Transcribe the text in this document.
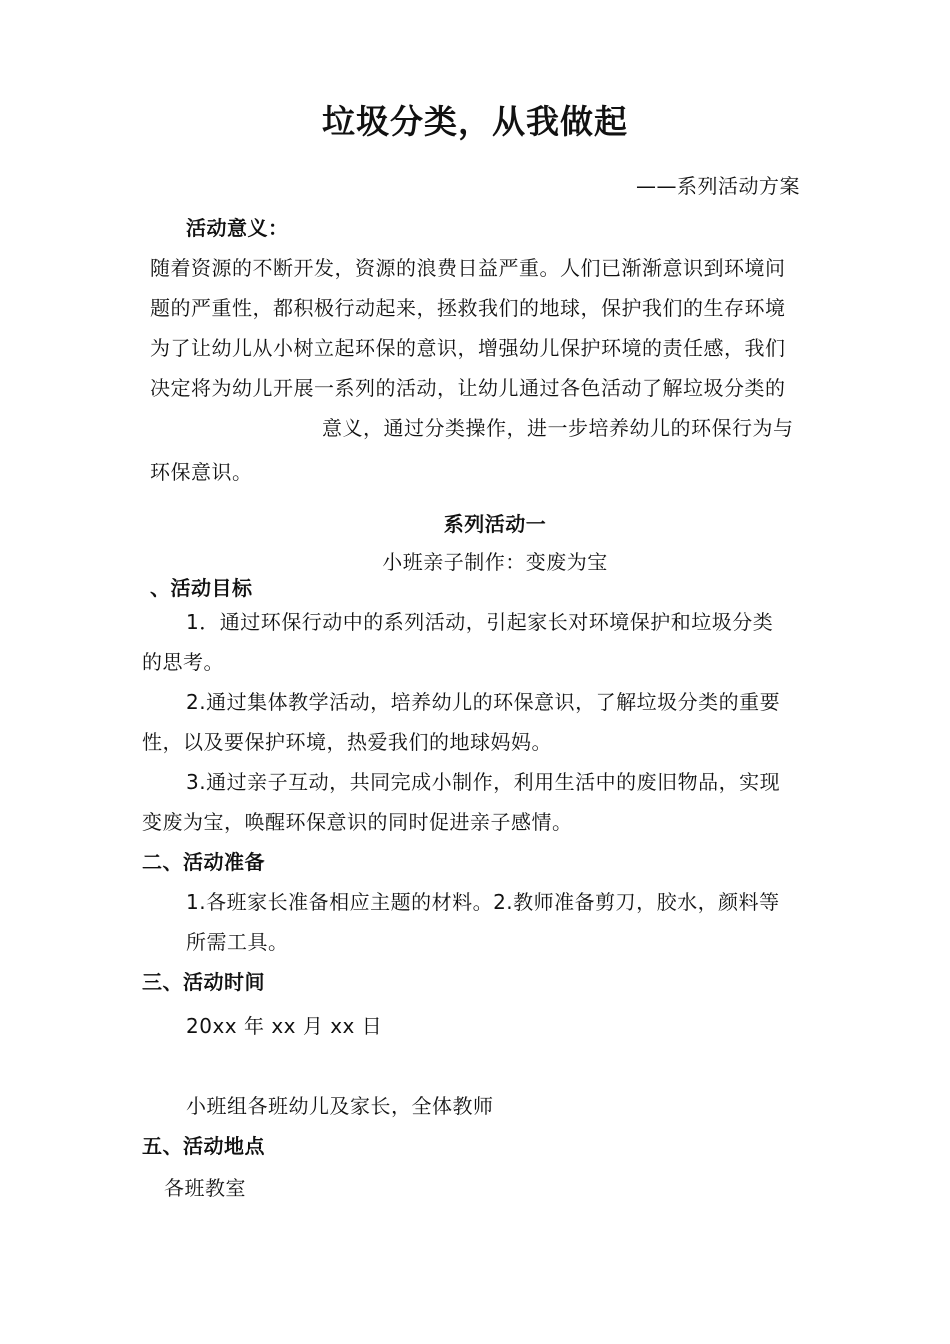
垃圾分类，从我做起
——系列活动方案
活动意义：
随着资源的不断开发，资源的浪费日益严重。人们已渐渐意识到环境问
题的严重性，都积极行动起来，拯救我们的地球，保护我们的生存环境
为了让幼儿从小树立起环保的意识，增强幼儿保护环境的责任感，我们
决定将为幼儿开展一系列的活动，让幼儿通过各色活动了解垃圾分类的
意义，通过分类操作，进一步培养幼儿的环保行为与
环保意识。
系列活动一
小班亲子制作：变废为宝
、活动目标
1．通过环保行动中的系列活动，引起家长对环境保护和垃圾分类
的思考。
2.通过集体教学活动，培养幼儿的环保意识，了解垃圾分类的重要
性，以及要保护环境，热爱我们的地球妈妈。
3.通过亲子互动，共同完成小制作，利用生活中的废旧物品，实现
变废为宝，唤醒环保意识的同时促进亲子感情。
二、活动准备
1.各班家长准备相应主题的材料。2.教师准备剪刀，胶水，颜料等
所需工具。
三、活动时间
20xx 年 xx 月 xx 日
小班组各班幼儿及家长，全体教师
五、活动地点
各班教室
